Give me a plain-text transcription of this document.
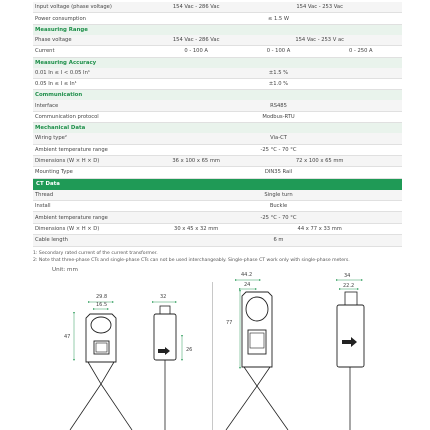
Input voltage (phase voltage)	154 Vac - 286 Vac	154 Vac - 253 Vac
Power consumption	≤ 1.5 W
Measuring Range
Phase voltage	154 Vac - 286 Vac	154 Vac - 253 V ac
Current	0 - 100 A	0 - 100 A	0 - 250 A
Measuring Accuracy
0.01 In ≤ I < 0.05 In¹	±1.5 %
0.05 In ≤ I ≤ In¹	±1.0 %
Communication
Interface	RS485
Communication protocol	Modbus-RTU
Mechanical Data
Wiring type²	Via-CT
Ambient temperature range	-25 °C - 70 °C
Dimensions (W × H × D)	36 x 100 x 65 mm	72 x 100 x 65 mm
Mounting Type	DIN35 Rail
CT Data
Thread	Single turn
Install	Buckle
Ambient temperature range	-25 °C - 70 °C
Dimensions (W × H × D)	30 x 45 x 32 mm	44 x 77 x 33 mm
Cable length	6 m
1: Secondary rated current of the current transformer.
2: Note that three-phase CTs and single-phase CTs can not be used interchangeably. Single-phase CT work only with single-phase meters.
Unit: mm
29.8
16.5
47
32
26
44.2
24
77
34
22.2
